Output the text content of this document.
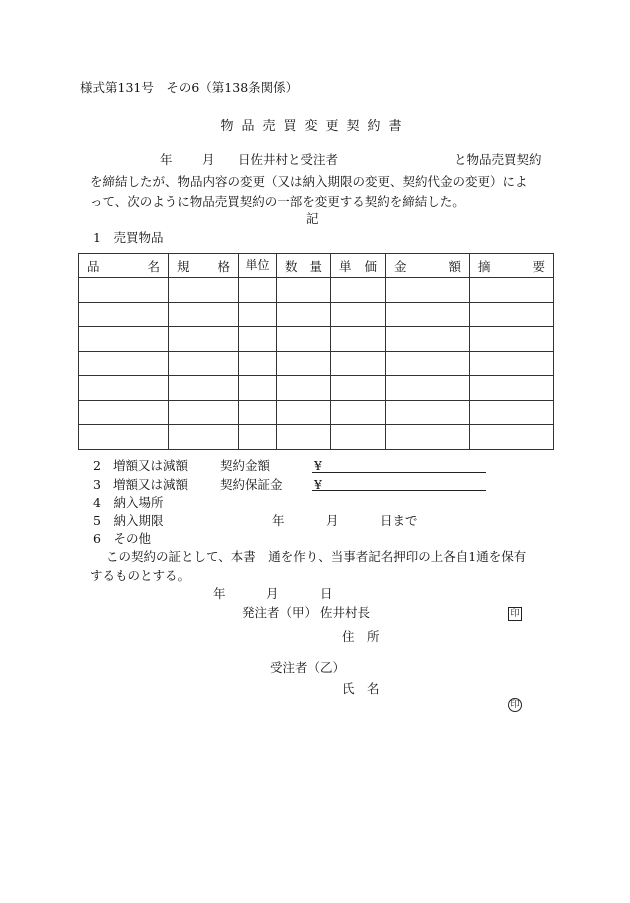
様式第131号　その6（第138条関係）
物品売買変更契約書
年 月 日佐井村と受注者	と物品売買契約
を締結したが、物品内容の変更（又は納入期限の変更、契約代金の変更）によ
って、次のように物品売買契約の一部を変更する契約を締結した。
記
1　売買物品
品 名	規 格	単位	数 量	単 価	金 額	摘 要

2 増額又は減額	契約金額	¥
3 増額又は減額	契約保証金	¥
4　納入場所
5　納入期限	年	月	日まで
6　その他
この契約の証として、本書　通を作り、当事者記名押印の上各自1通を保有
するものとする。
年	月	日
発注者（甲） 佐井村長	印
住　所
受注者（乙）
氏　名
印
